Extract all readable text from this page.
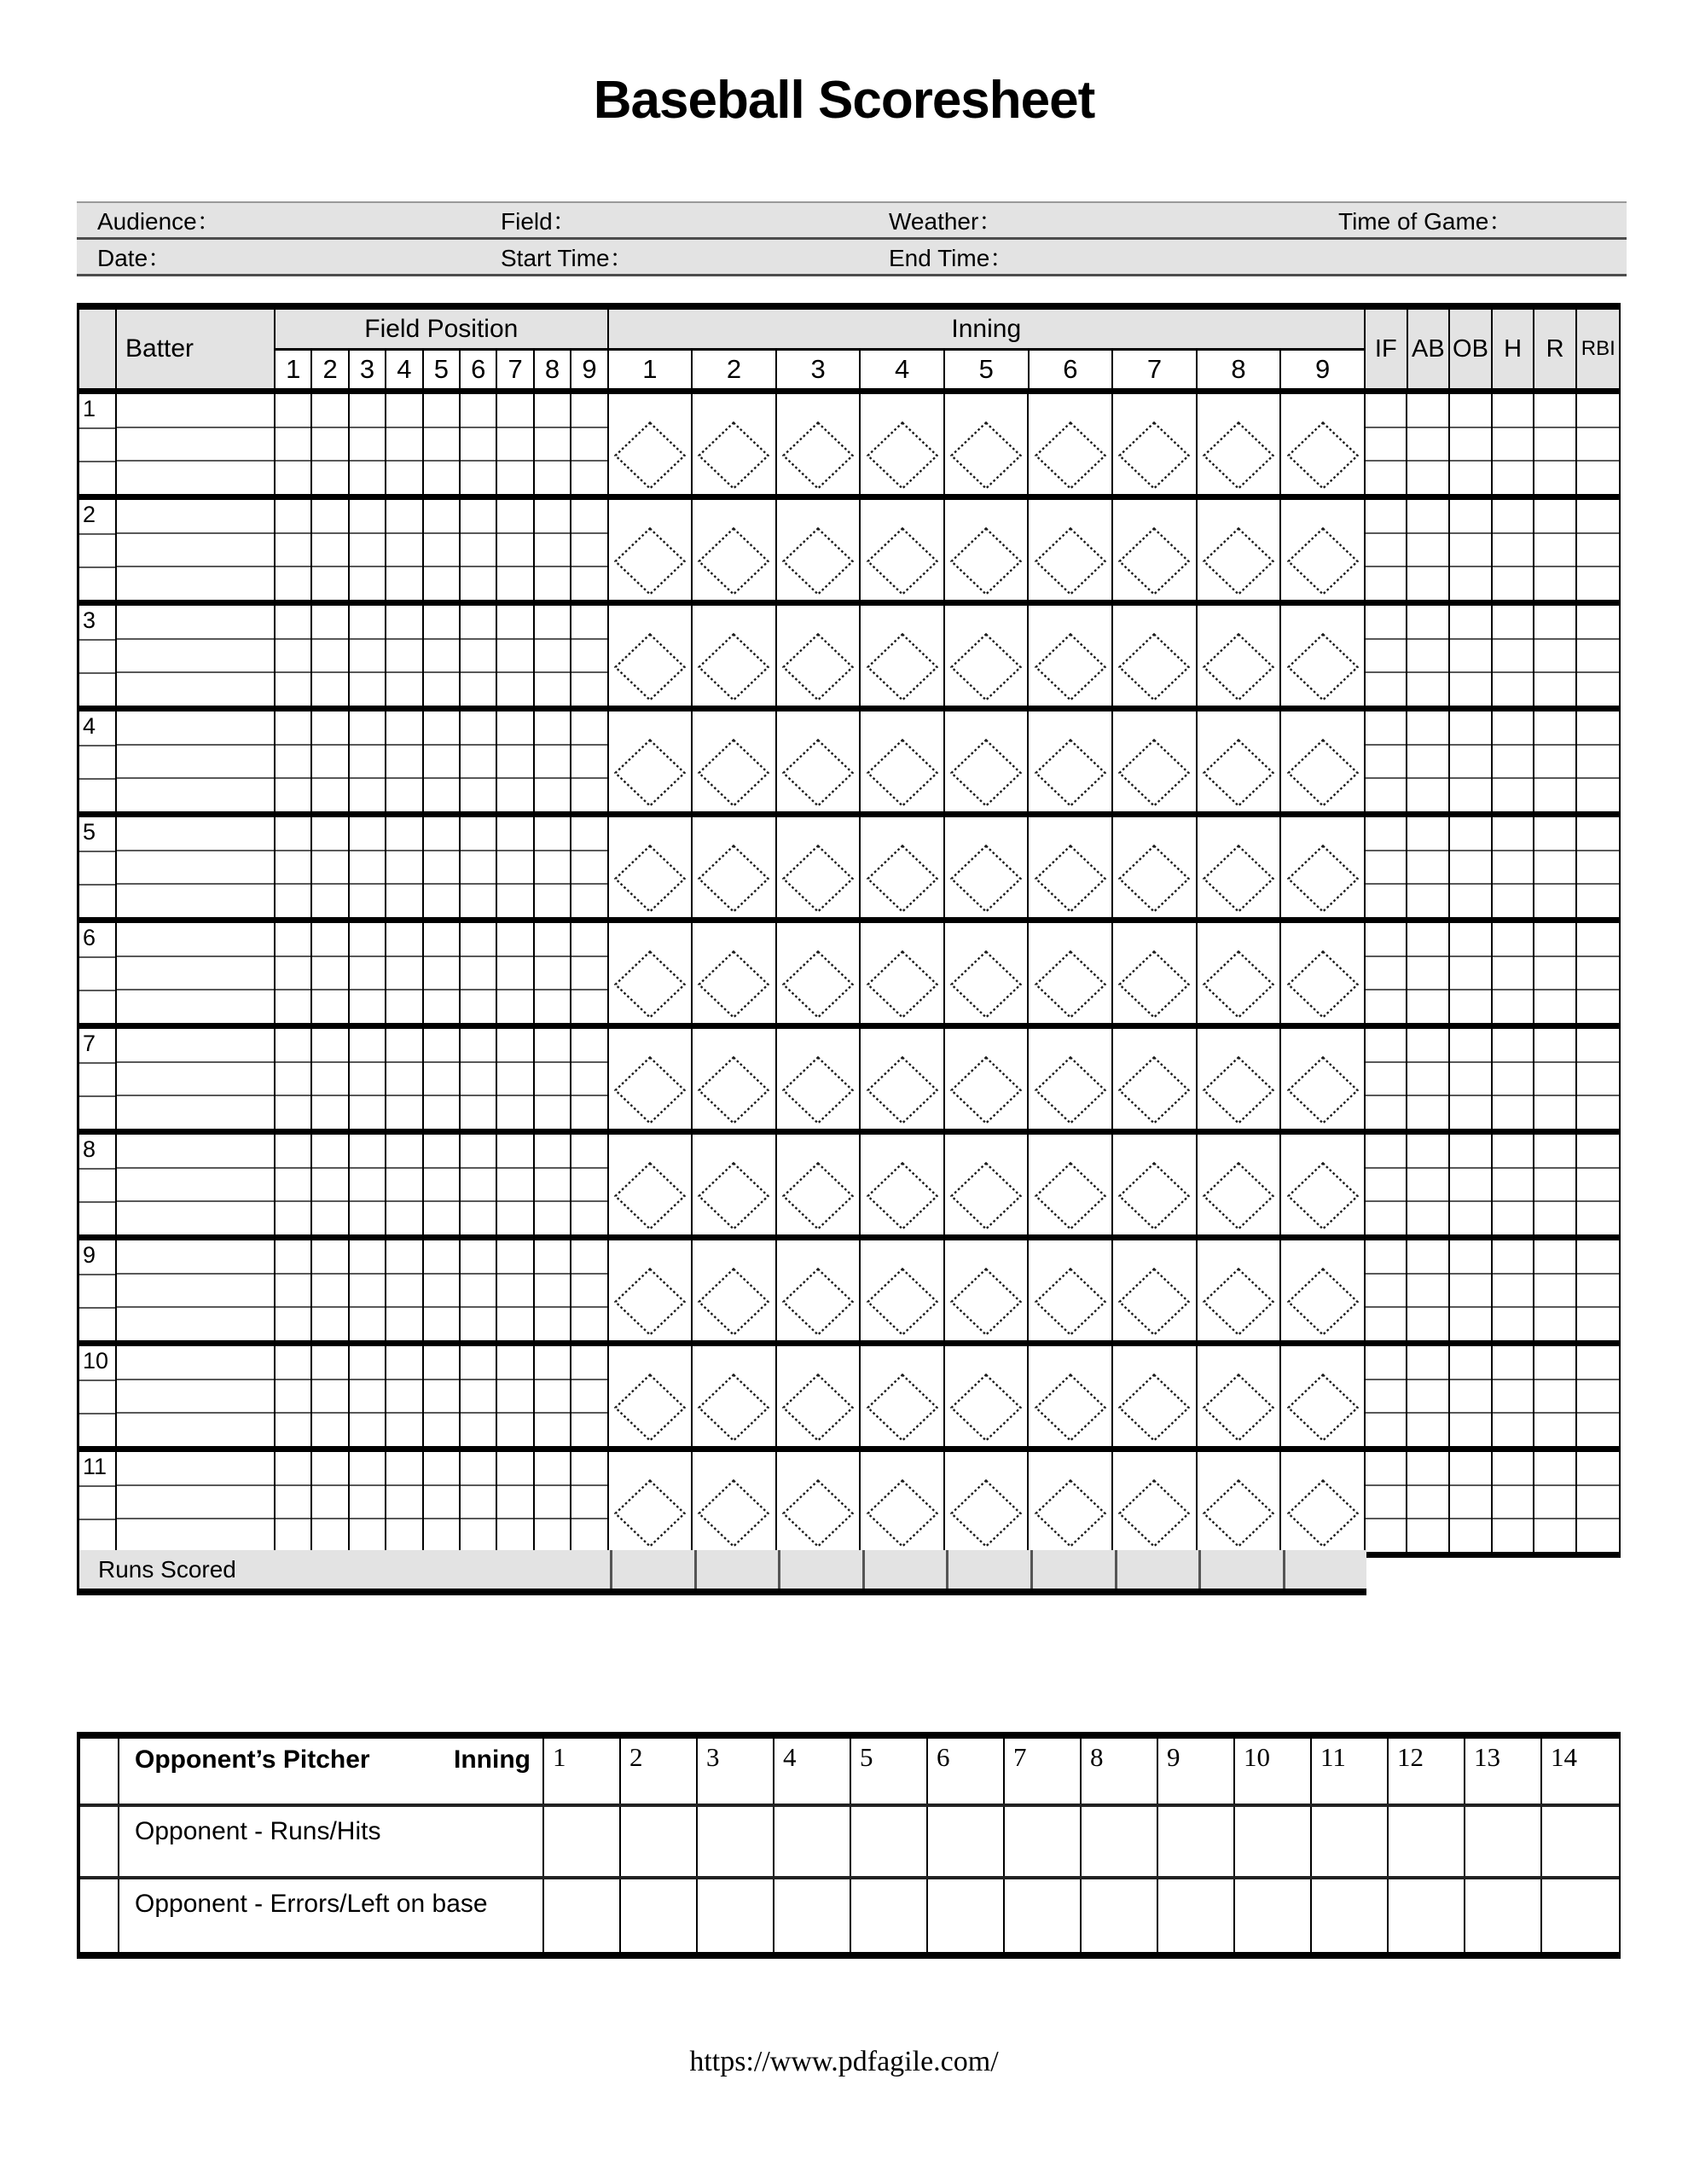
Baseball Scoresheet
Audience：	Field：	Weather：	Time of Game：
Date：	Start Time：	End Time：
Batter
Field Position
1 2 3 4 5 6 7 8 9
Inning
1	2	3	4	5	6	7	8	9
IF AB OB H R RBI
1
2
3
4
5
6
7
8
9
10
11
Runs Scored
Opponent’s Pitcher	Inning 1	2	3	4	5	6	7	8	9	10	11	12	13	14
Opponent - Runs/Hits
Opponent - Errors/Left on base
https://www.pdfagile.com/
